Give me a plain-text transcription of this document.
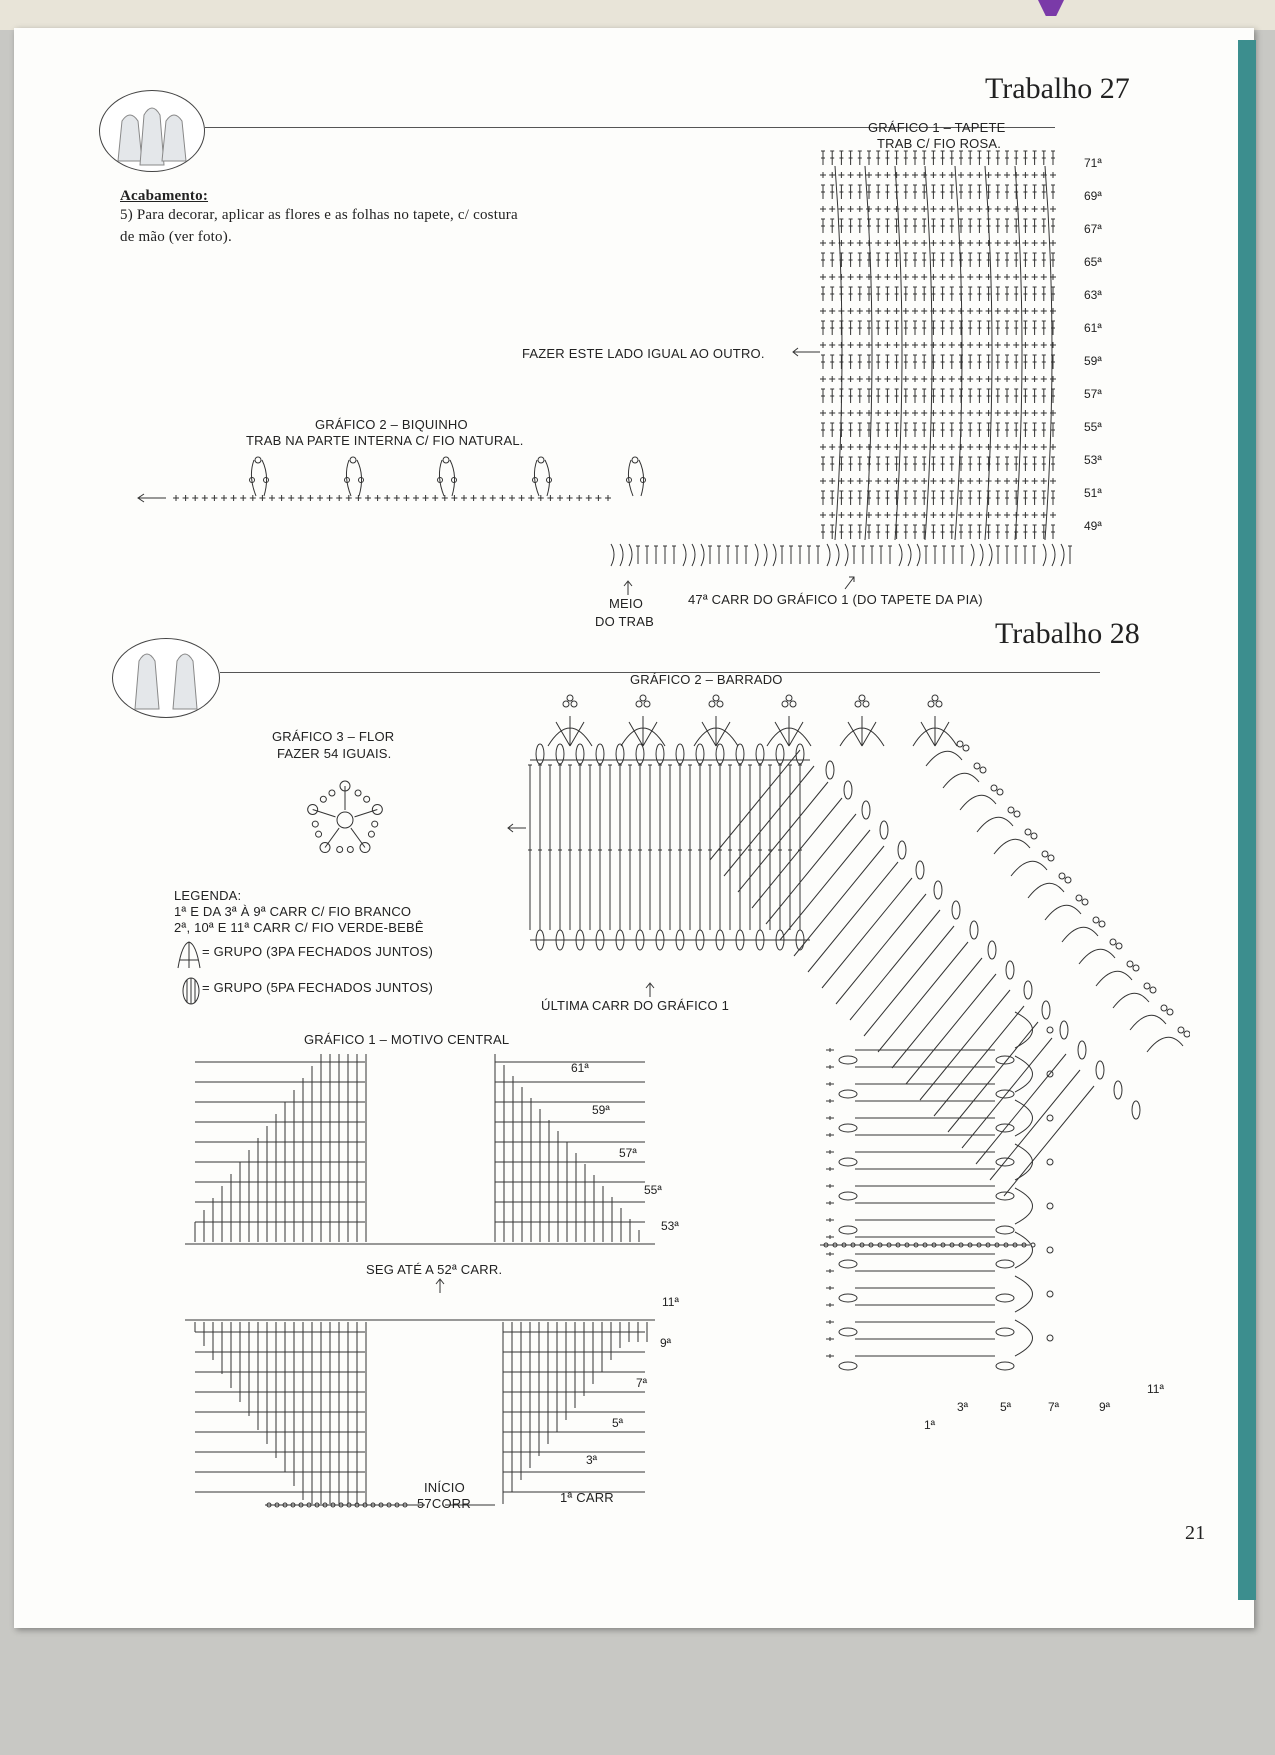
Trabalho 27
Acabamento:
5) Para decorar, aplicar as flores e as folhas no tapete, c/ costura
de mão (ver foto).
GRÁFICO 1 – TAPETE
TRAB C/ FIO ROSA.
71ª
69ª
67ª
65ª
63ª
61ª
59ª
57ª
55ª
53ª
51ª
49ª
FAZER ESTE LADO IGUAL AO OUTRO.
MEIO
DO TRAB
47ª CARR DO GRÁFICO 1 (DO TAPETE DA PIA)
GRÁFICO 2 – BIQUINHO
TRAB NA PARTE INTERNA C/ FIO NATURAL.
Trabalho 28
GRÁFICO 2 – BARRADO
ÚLTIMA CARR DO GRÁFICO 1
1ª
3ª	5ª	7ª	9ª
11ª
GRÁFICO 3 – FLOR
FAZER 54 IGUAIS.
LEGENDA:
1ª E DA 3ª À 9ª CARR C/ FIO BRANCO
2ª, 10ª E 11ª CARR C/ FIO VERDE-BEBÊ
= GRUPO (3PA FECHADOS JUNTOS)
= GRUPO (5PA FECHADOS JUNTOS)
GRÁFICO 1 – MOTIVO CENTRAL
61ª
59ª
57ª
55ª
53ª
11ª
9ª
7ª
5ª
3ª
SEG ATÉ A 52ª CARR.
INÍCIO
57CORR	1ª CARR
21
